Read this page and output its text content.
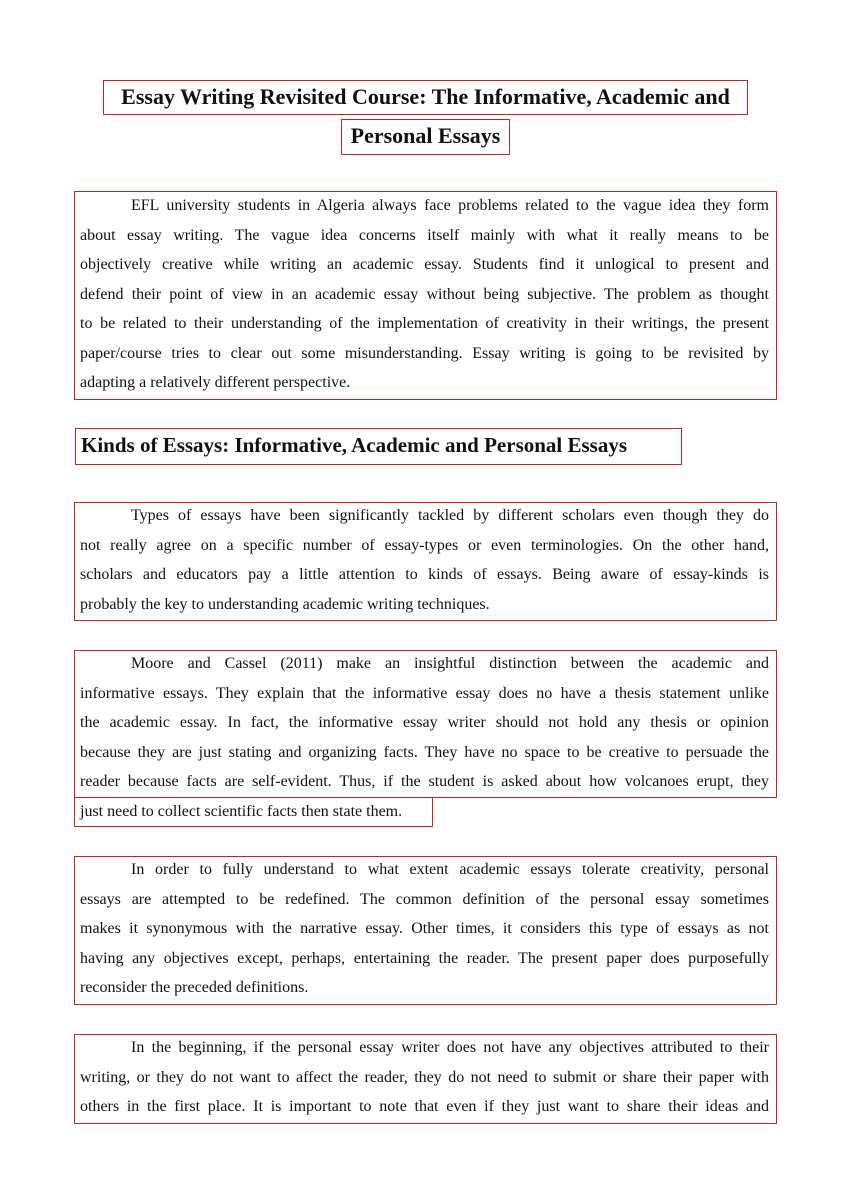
Essay Writing Revisited Course: The Informative, Academic and
Personal Essays
EFL university students in Algeria always face problems related to the vague idea they form
about essay writing. The vague idea concerns itself mainly with what it really means to be
objectively creative while writing an academic essay. Students find it unlogical to present and
defend their point of view in an academic essay without being subjective. The problem as thought
to be related to their understanding of the implementation of creativity in their writings, the present
paper/course tries to clear out some misunderstanding. Essay writing is going to be revisited by
adapting a relatively different perspective.
Kinds of Essays: Informative, Academic and Personal Essays
Types of essays have been significantly tackled by different scholars even though they do
not really agree on a specific number of essay-types or even terminologies. On the other hand,
scholars and educators pay a little attention to kinds of essays. Being aware of essay-kinds is
probably the key to understanding academic writing techniques.
Moore and Cassel (2011) make an insightful distinction between the academic and
informative essays. They explain that the informative essay does no have a thesis statement unlike
the academic essay. In fact, the informative essay writer should not hold any thesis or opinion
because they are just stating and organizing facts. They have no space to be creative to persuade the
reader because facts are self-evident. Thus, if the student is asked about how volcanoes erupt, they
just need to collect scientific facts then state them.
In order to fully understand to what extent academic essays tolerate creativity, personal
essays are attempted to be redefined. The common definition of the personal essay sometimes
makes it synonymous with the narrative essay. Other times, it considers this type of essays as not
having any objectives except, perhaps, entertaining the reader. The present paper does purposefully
reconsider the preceded definitions.
In the beginning, if the personal essay writer does not have any objectives attributed to their
writing, or they do not want to affect the reader, they do not need to submit or share their paper with
others in the first place. It is important to note that even if they just want to share their ideas and
